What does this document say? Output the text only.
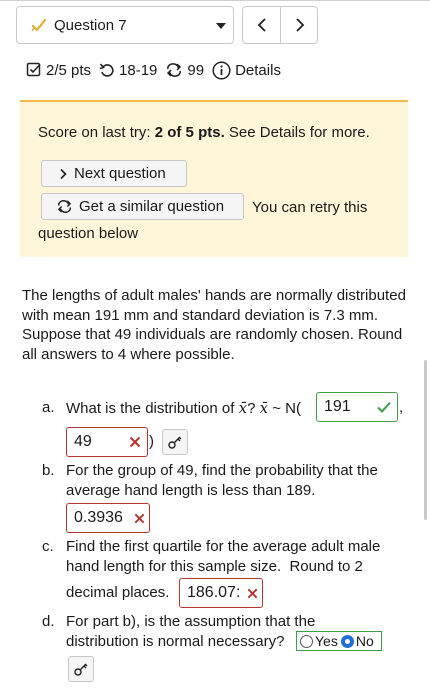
Question 7
2/5 pts 18-19 99 Details
Score on last try: 2 of 5 pts. See Details for more.
Next question
Get a similar question You can retry this
question below
The lengths of adult males' hands are normally distributed with mean 191 mm and standard deviation is 7.3 mm. Suppose that 49 individuals are randomly chosen. Round all answers to 4 where possible.
a. What is the distribution of x̄? x̄ ~ N(	191	,
49	)
b. For the group of 49, find the probability that the
average hand length is less than 189.
0.3936
c. Find the first quartile for the average adult male
hand length for this sample size.  Round to 2
decimal places.	186.07:
d. For part b), is the assumption that the
distribution is normal necessary? Yes No
